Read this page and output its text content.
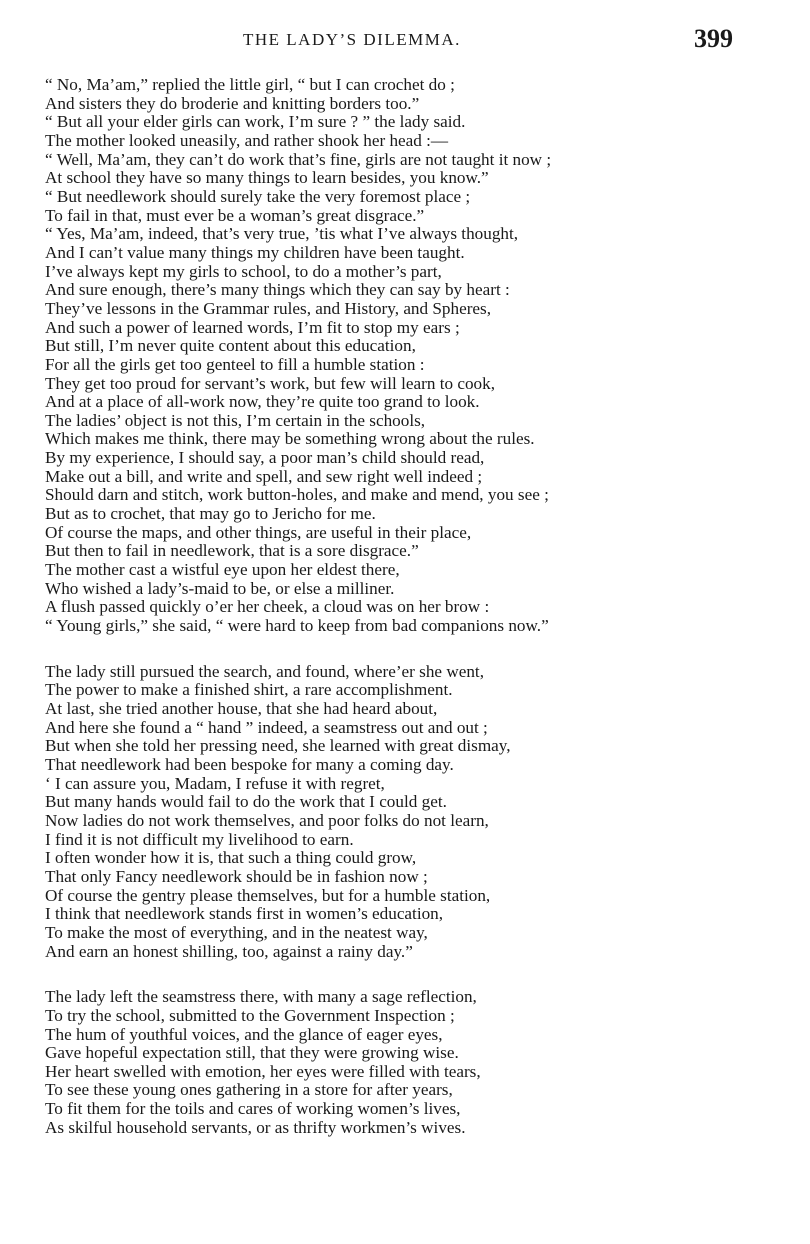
THE LADY’S DILEMMA.	399
“ No, Ma’am,” replied the little girl, “ but I can crochet do ;
And sisters they do broderie and knitting borders too.”
“ But all your elder girls can work, I’m sure ? ” the lady said.
The mother looked uneasily, and rather shook her head :—
“ Well, Ma’am, they can’t do work that’s fine, girls are not taught it now ;
At school they have so many things to learn besides, you know.”
“ But needlework should surely take the very foremost place ;
To fail in that, must ever be a woman’s great disgrace.”
“ Yes, Ma’am, indeed, that’s very true, ’tis what I’ve always thought,
And I can’t value many things my children have been taught.
I’ve always kept my girls to school, to do a mother’s part,
And sure enough, there’s many things which they can say by heart :
They’ve lessons in the Grammar rules, and History, and Spheres,
And such a power of learned words, I’m fit to stop my ears ;
But still, I’m never quite content about this education,
For all the girls get too genteel to fill a humble station :
They get too proud for servant’s work, but few will learn to cook,
And at a place of all-work now, they’re quite too grand to look.
The ladies’ object is not this, I’m certain in the schools,
Which makes me think, there may be something wrong about the rules.
By my experience, I should say, a poor man’s child should read,
Make out a bill, and write and spell, and sew right well indeed ;
Should darn and stitch, work button-holes, and make and mend, you see ;
But as to crochet, that may go to Jericho for me.
Of course the maps, and other things, are useful in their place,
But then to fail in needlework, that is a sore disgrace.”
The mother cast a wistful eye upon her eldest there,
Who wished a lady’s-maid to be, or else a milliner.
A flush passed quickly o’er her cheek, a cloud was on her brow :
“ Young girls,” she said, “ were hard to keep from bad companions now.”
The lady still pursued the search, and found, where’er she went,
The power to make a finished shirt, a rare accomplishment.
At last, she tried another house, that she had heard about,
And here she found a “ hand ” indeed, a seamstress out and out ;
But when she told her pressing need, she learned with great dismay,
That needlework had been bespoke for many a coming day.
‘ I can assure you, Madam, I refuse it with regret,
But many hands would fail to do the work that I could get.
Now ladies do not work themselves, and poor folks do not learn,
I find it is not difficult my livelihood to earn.
I often wonder how it is, that such a thing could grow,
That only Fancy needlework should be in fashion now ;
Of course the gentry please themselves, but for a humble station,
I think that needlework stands first in women’s education,
To make the most of everything, and in the neatest way,
And earn an honest shilling, too, against a rainy day.”
The lady left the seamstress there, with many a sage reflection,
To try the school, submitted to the Government Inspection ;
The hum of youthful voices, and the glance of eager eyes,
Gave hopeful expectation still, that they were growing wise.
Her heart swelled with emotion, her eyes were filled with tears,
To see these young ones gathering in a store for after years,
To fit them for the toils and cares of working women’s lives,
As skilful household servants, or as thrifty workmen’s wives.
